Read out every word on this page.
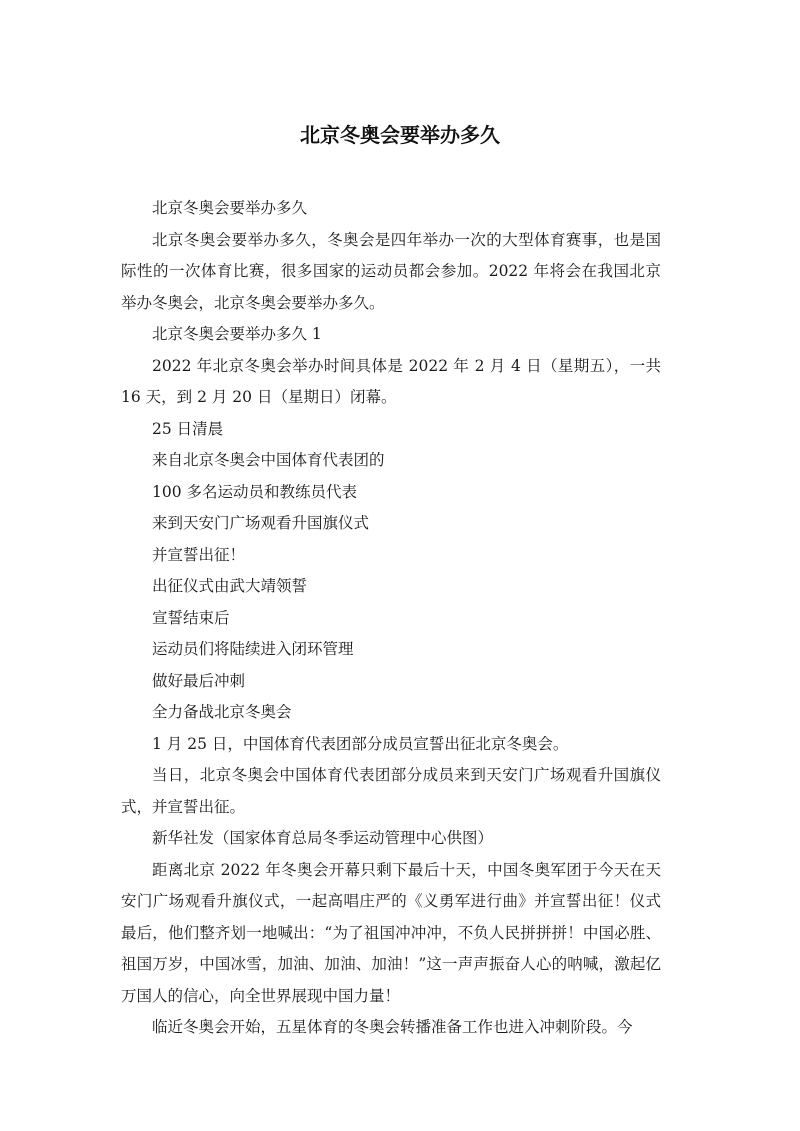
北京冬奥会要举办多久

北京冬奥会要举办多久

北京冬奥会要举办多久，冬奥会是四年举办一次的大型体育赛事，也是国际性的一次体育比赛，很多国家的运动员都会参加。2022 年将会在我国北京举办冬奥会，北京冬奥会要举办多久。

北京冬奥会要举办多久 1

2022 年北京冬奥会举办时间具体是 2022 年 2 月 4 日（星期五），一共 16 天，到 2 月 20 日（星期日）闭幕。

25 日清晨

来自北京冬奥会中国体育代表团的

100 多名运动员和教练员代表

来到天安门广场观看升国旗仪式

并宣誓出征！

出征仪式由武大靖领誓

宣誓结束后

运动员们将陆续进入闭环管理

做好最后冲刺

全力备战北京冬奥会

1 月 25 日，中国体育代表团部分成员宣誓出征北京冬奥会。

当日，北京冬奥会中国体育代表团部分成员来到天安门广场观看升国旗仪式，并宣誓出征。

新华社发（国家体育总局冬季运动管理中心供图）

距离北京 2022 年冬奥会开幕只剩下最后十天，中国冬奥军团于今天在天安门广场观看升旗仪式，一起高唱庄严的《义勇军进行曲》并宣誓出征！仪式最后，他们整齐划一地喊出：“为了祖国冲冲冲，不负人民拼拼拼！中国必胜、祖国万岁，中国冰雪，加油、加油、加油！”这一声声振奋人心的呐喊，激起亿万国人的信心，向全世界展现中国力量！

临近冬奥会开始，五星体育的冬奥会转播准备工作也进入冲刺阶段。今
